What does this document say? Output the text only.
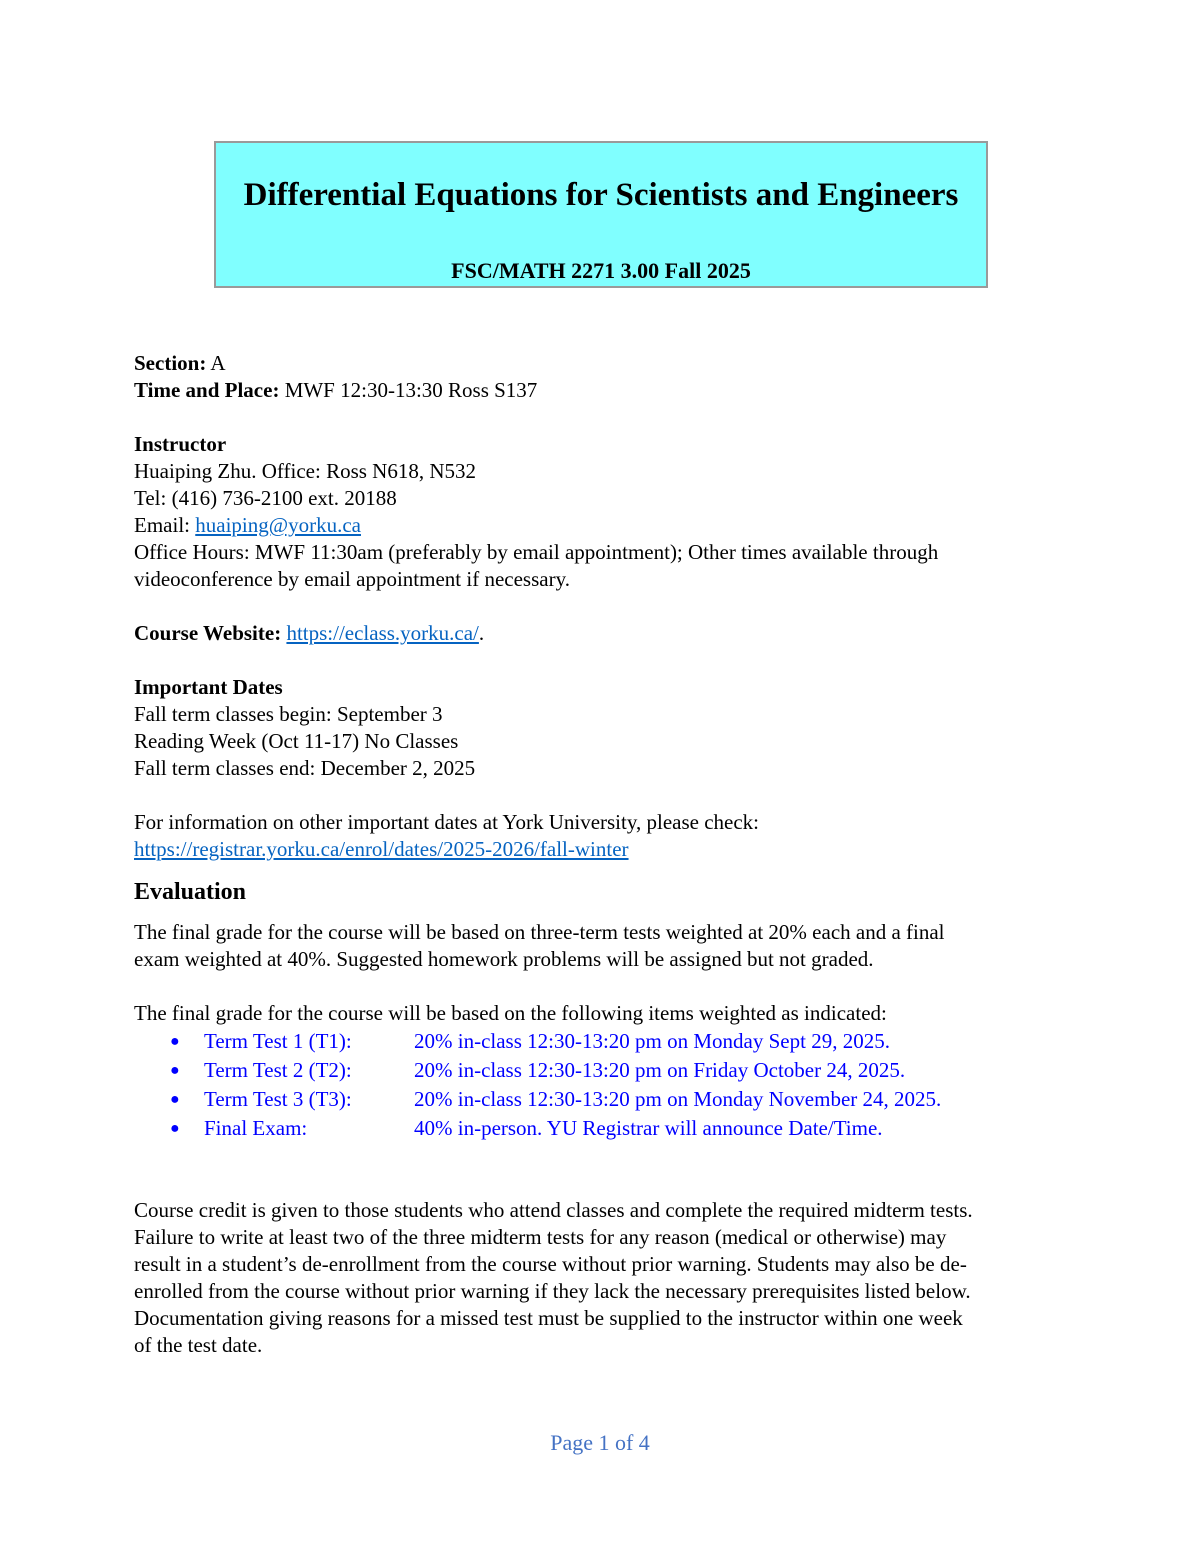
Differential Equations for Scientists and Engineers
FSC/MATH 2271 3.00 Fall 2025

Section: A

Time and Place: MWF 12:30-13:30 Ross S137

Instructor

Huaiping Zhu. Office: Ross N618, N532

Tel: (416) 736-2100 ext. 20188

Email: huaiping@yorku.ca

Office Hours: MWF 11:30am (preferably by email appointment); Other times available through

videoconference by email appointment if necessary.

Course Website: https://eclass.yorku.ca/.

Important Dates

Fall term classes begin: September 3

Reading Week (Oct 11-17) No Classes

Fall term classes end: December 2, 2025

For information on other important dates at York University, please check:

https://registrar.yorku.ca/enrol/dates/2025-2026/fall-winter

Evaluation

The final grade for the course will be based on three-term tests weighted at 20% each and a final

exam weighted at 40%. Suggested homework problems will be assigned but not graded.

The final grade for the course will be based on the following items weighted as indicated:

● Term Test 1 (T1):	20% in-class 12:30-13:20 pm on Monday Sept 29, 2025.
● Term Test 2 (T2):	20% in-class 12:30-13:20 pm on Friday October 24, 2025.
● Term Test 3 (T3):	20% in-class 12:30-13:20 pm on Monday November 24, 2025.
● Final Exam:	40% in-person. YU Registrar will announce Date/Time.

Course credit is given to those students who attend classes and complete the required midterm tests.

Failure to write at least two of the three midterm tests for any reason (medical or otherwise) may

result in a student’s de-enrollment from the course without prior warning. Students may also be de-

enrolled from the course without prior warning if they lack the necessary prerequisites listed below.

Documentation giving reasons for a missed test must be supplied to the instructor within one week

of the test date.

Page 1 of 4
